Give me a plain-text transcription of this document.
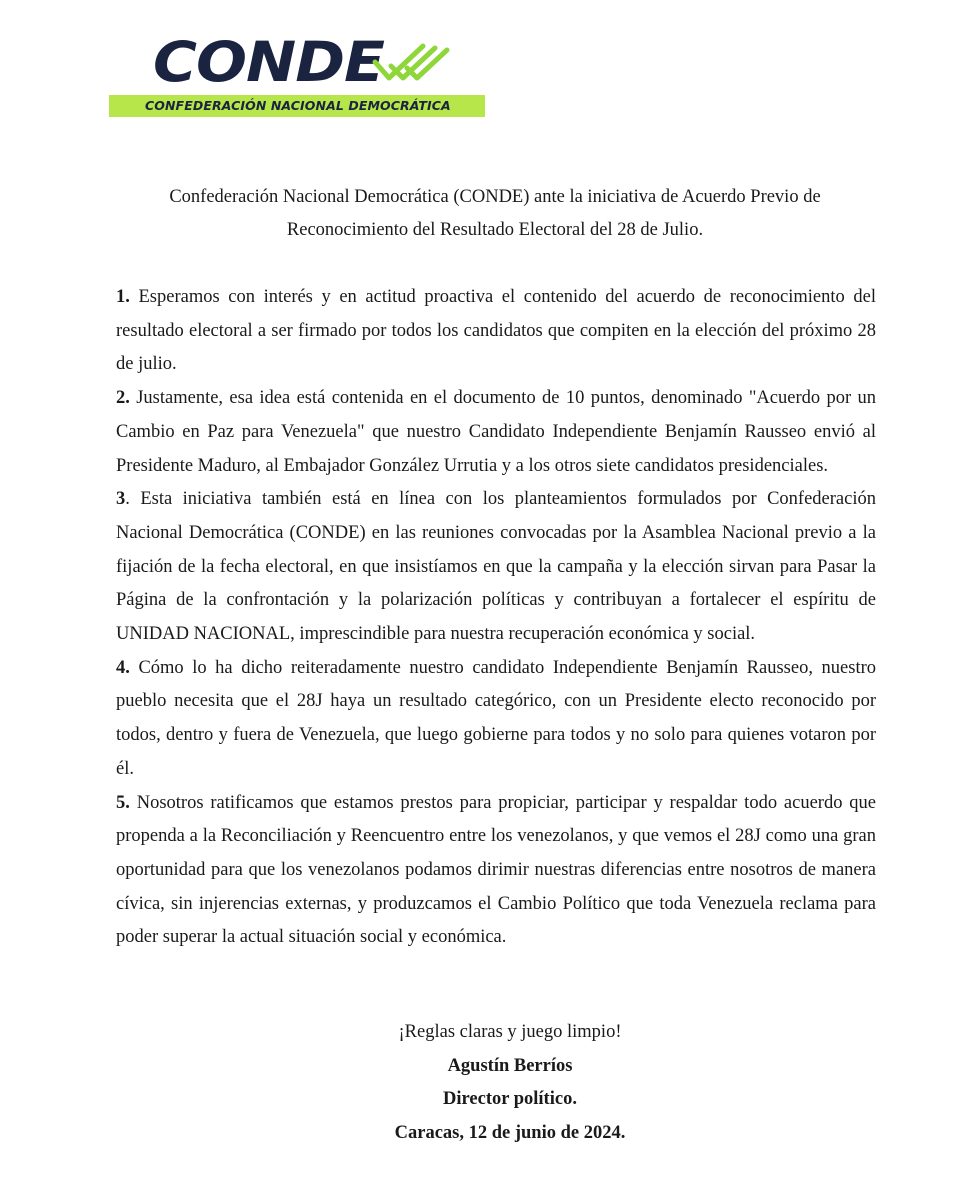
CONDE
CONFEDERACIÓN NACIONAL DEMOCRÁTICA
Confederación Nacional Democrática (CONDE) ante la iniciativa de Acuerdo Previo de
Reconocimiento del Resultado Electoral del 28 de Julio.

1. Esperamos con interés y en actitud proactiva el contenido del acuerdo de reconocimiento del resultado electoral a ser firmado por todos los candidatos que compiten en la elección del próximo 28 de julio.

2. Justamente, esa idea está contenida en el documento de 10 puntos, denominado "Acuerdo por un Cambio en Paz para Venezuela" que nuestro Candidato Independiente Benjamín Rausseo envió al Presidente Maduro, al Embajador González Urrutia y a los otros siete candidatos presidenciales.

3. Esta iniciativa también está en línea con los planteamientos formulados por Confederación Nacional Democrática (CONDE) en las reuniones convocadas por la Asamblea Nacional previo a la fijación de la fecha electoral, en que insistíamos en que la campaña y la elección sirvan para Pasar la Página de la confrontación y la polarización políticas y contribuyan a fortalecer el espíritu de UNIDAD NACIONAL, imprescindible para nuestra recuperación económica y social.

4. Cómo lo ha dicho reiteradamente nuestro candidato Independiente Benjamín Rausseo, nuestro pueblo necesita que el 28J haya un resultado categórico, con un Presidente electo reconocido por todos, dentro y fuera de Venezuela, que luego gobierne para todos y no solo para quienes votaron por él.

5. Nosotros ratificamos que estamos prestos para propiciar, participar y respaldar todo acuerdo que propenda a la Reconciliación y Reencuentro entre los venezolanos, y que vemos el 28J como una gran oportunidad para que los venezolanos podamos dirimir nuestras diferencias entre nosotros de manera cívica, sin injerencias externas, y produzcamos el Cambio Político que toda Venezuela reclama para poder superar la actual situación social y económica.

¡Reglas claras y juego limpio!
Agustín Berríos
Director político.
Caracas, 12 de junio de 2024.
